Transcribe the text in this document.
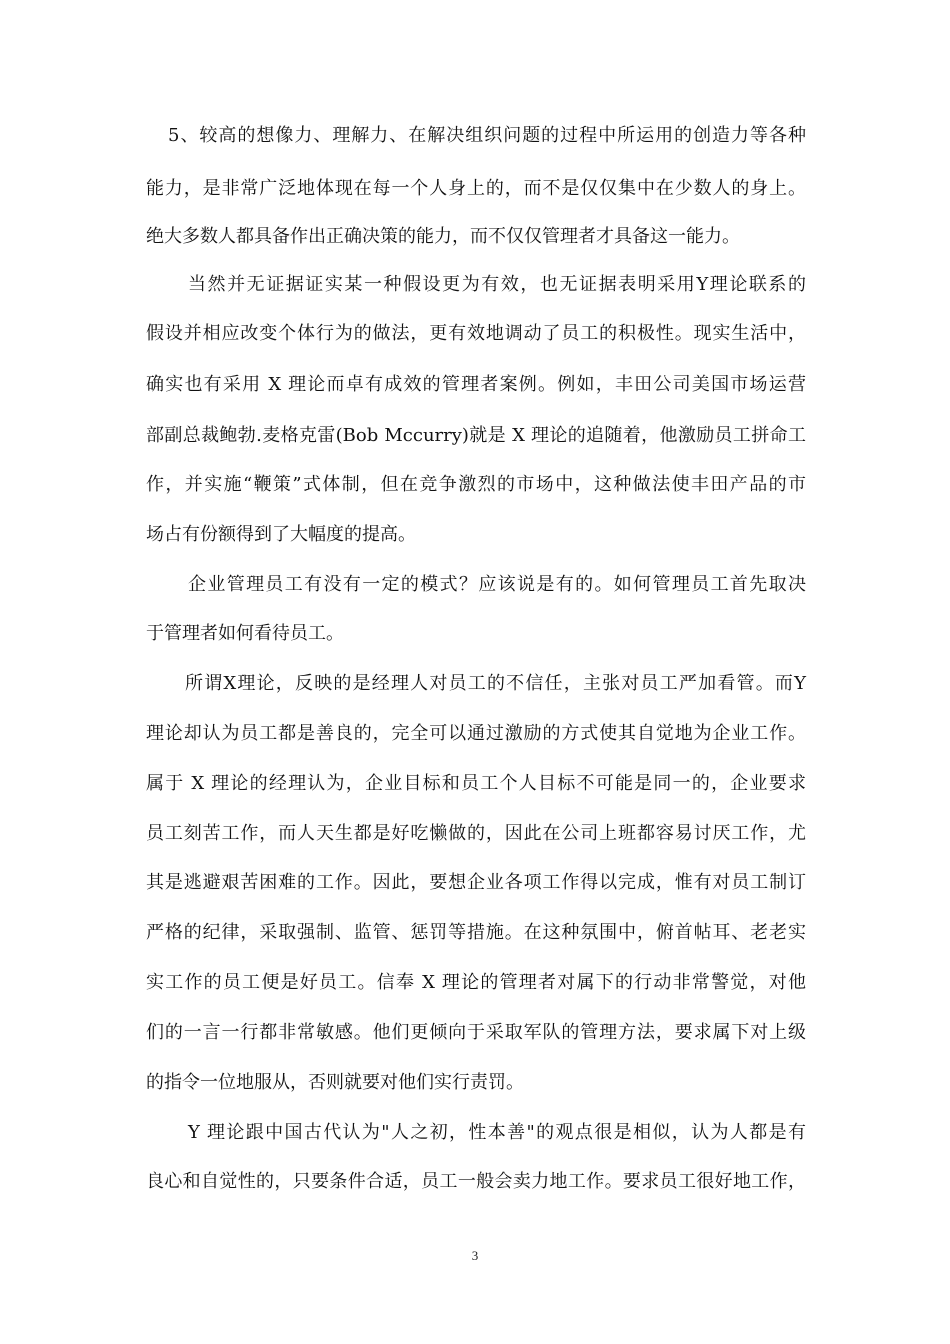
5、较高的想像力、理解力、在解决组织问题的过程中所运用的创造力等各种
能力，是非常广泛地体现在每一个人身上的，而不是仅仅集中在少数人的身上。
绝大多数人都具备作出正确决策的能力，而不仅仅管理者才具备这一能力。
当然并无证据证实某一种假设更为有效，也无证据表明采用Y理论联系的
假设并相应改变个体行为的做法，更有效地调动了员工的积极性。现实生活中，
确实也有采用 X 理论而卓有成效的管理者案例。例如，丰田公司美国市场运营
部副总裁鲍勃.麦格克雷(Bob Mccurry)就是 X 理论的追随着，他激励员工拼命工
作，并实施“鞭策”式体制，但在竞争激烈的市场中，这种做法使丰田产品的市
场占有份额得到了大幅度的提高。
企业管理员工有没有一定的模式？应该说是有的。如何管理员工首先取决
于管理者如何看待员工。
所谓X理论，反映的是经理人对员工的不信任，主张对员工严加看管。而Y
理论却认为员工都是善良的，完全可以通过激励的方式使其自觉地为企业工作。
属于 X 理论的经理认为，企业目标和员工个人目标不可能是同一的，企业要求
员工刻苦工作，而人天生都是好吃懒做的，因此在公司上班都容易讨厌工作，尤
其是逃避艰苦困难的工作。因此，要想企业各项工作得以完成，惟有对员工制订
严格的纪律，采取强制、监管、惩罚等措施。在这种氛围中，俯首帖耳、老老实
实工作的员工便是好员工。信奉 X 理论的管理者对属下的行动非常警觉，对他
们的一言一行都非常敏感。他们更倾向于采取军队的管理方法，要求属下对上级
的指令一位地服从，否则就要对他们实行责罚。
Y 理论跟中国古代认为"人之初，性本善"的观点很是相似，认为人都是有
良心和自觉性的，只要条件合适，员工一般会卖力地工作。要求员工很好地工作，
3
